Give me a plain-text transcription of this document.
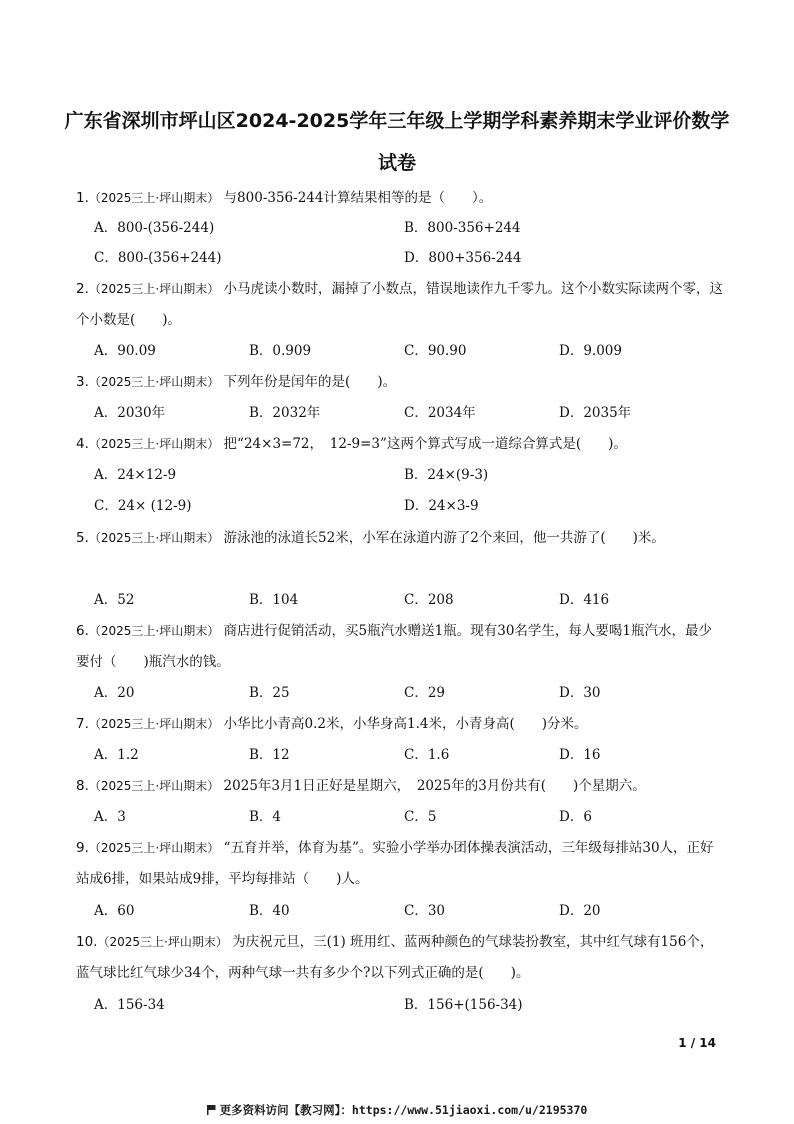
广东省深圳市坪山区2024-2025学年三年级上学期学科素养期末学业评价数学
试卷
1.（2025三上·坪山期末） 与800-356-244计算结果相等的是（　　）。
A．800-(356-244)	B．800-356+244
C．800-(356+244)	D．800+356-244
2.（2025三上·坪山期末） 小马虎读小数时，漏掉了小数点，错误地读作九千零九。这个小数实际读两个零，这个小数是(　　)。
A．90.09	B．0.909	C．90.90	D．9.009
3.（2025三上·坪山期末） 下列年份是闰年的是(　　)。
A．2030年	B．2032年	C．2034年	D．2035年
4.（2025三上·坪山期末） 把“24×3=72，　12-9=3”这两个算式写成一道综合算式是(　　)。
A．24×12-9	B．24×(9-3)
C．24× (12-9)	D．24×3-9
5.（2025三上·坪山期末） 游泳池的泳道长52米，小军在泳道内游了2个来回，他一共游了(　　)米。
A．52	B．104	C．208	D．416
6.（2025三上·坪山期末） 商店进行促销活动，买5瓶汽水赠送1瓶。现有30名学生，每人要喝1瓶汽水，最少要付（　　)瓶汽水的钱。
A．20	B．25	C．29	D．30
7.（2025三上·坪山期末） 小华比小青高0.2米，小华身高1.4米，小青身高(　　)分米。
A．1.2	B．12	C．1.6	D．16
8.（2025三上·坪山期末） 2025年3月1日正好是星期六，　2025年的3月份共有(　　)个星期六。
A．3	B．4	C．5	D．6
9.（2025三上·坪山期末） “五育并举，体育为基”。实验小学举办团体操表演活动，三年级每排站30人，正好站成6排，如果站成9排，平均每排站（　　)人。
A．60	B．40	C．30	D．20
10.（2025三上·坪山期末） 为庆祝元旦，三(1) 班用红、蓝两种颜色的气球装扮教室，其中红气球有156个，蓝气球比红气球少34个，两种气球一共有多少个?以下列式正确的是(　　)。
A．156-34	B．156+(156-34)
1 / 14
更多资料访问【教习网】：https://www.51jiaoxi.com/u/2195370
